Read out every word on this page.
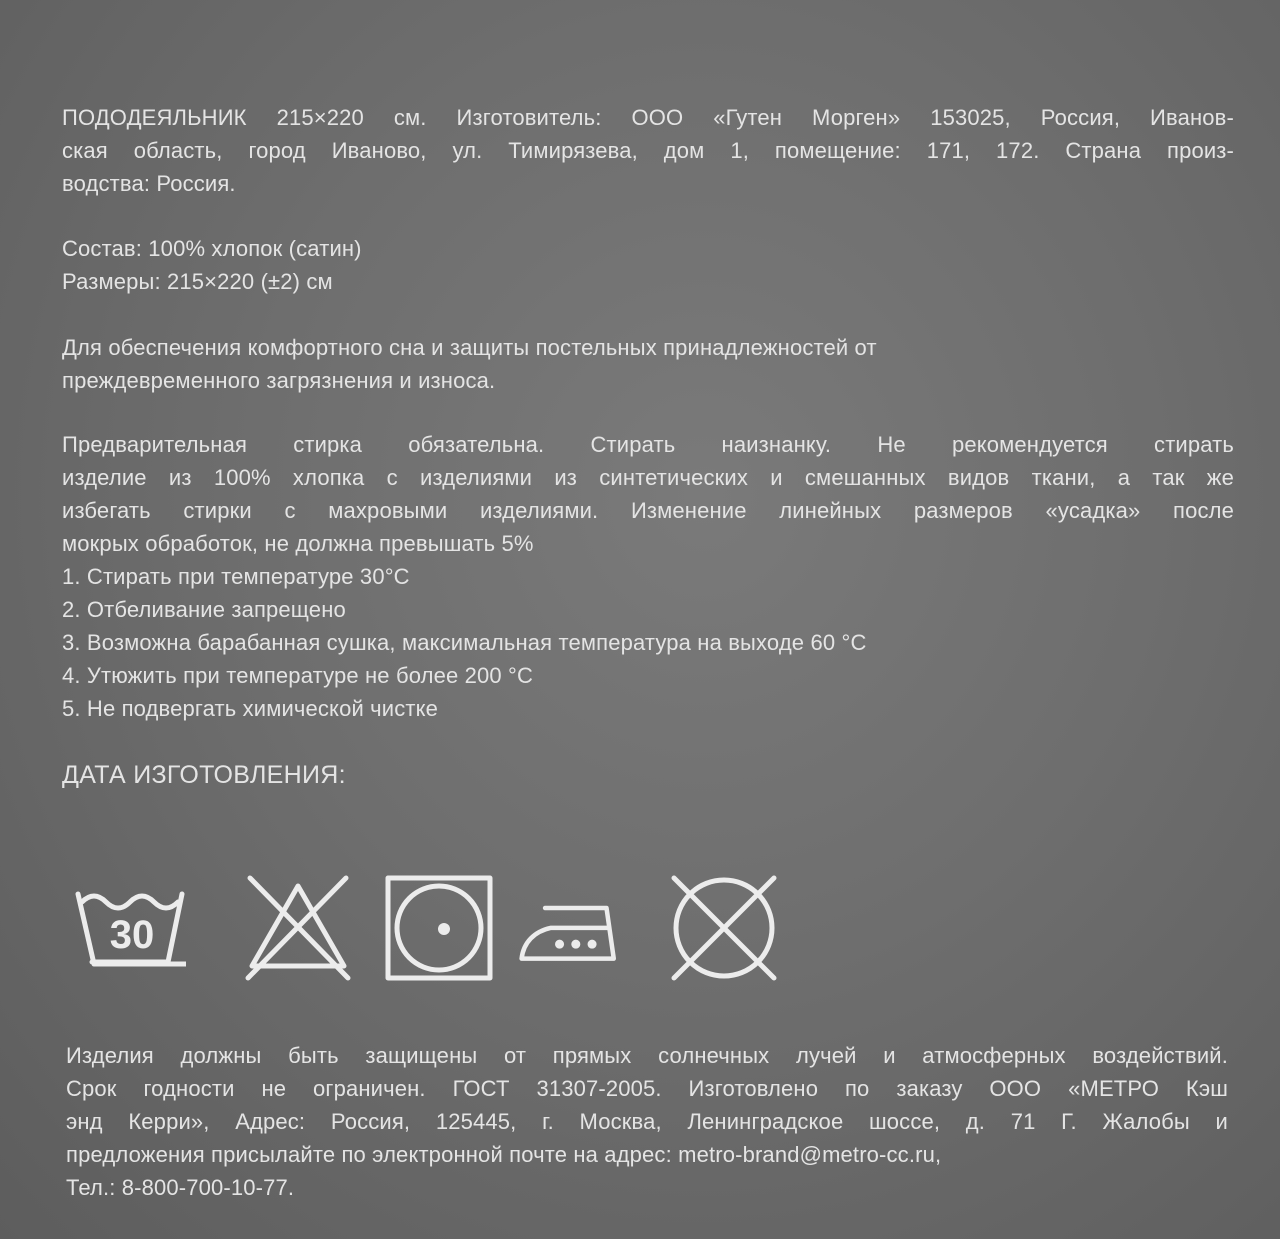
ПОДОДЕЯЛЬНИК 215×220 см. Изготовитель: ООО «Гутен Морген» 153025, Россия, Иванов-
ская область, город Иваново, ул. Тимирязева, дом 1, помещение: 171, 172. Страна произ-
водства: Россия.
Состав: 100% хлопок (сатин)
Размеры: 215×220 (±2) см
Для обеспечения комфортного сна и защиты постельных принадлежностей от
преждевременного загрязнения и износа.
Предварительная стирка обязательна. Стирать наизнанку. Не рекомендуется стирать
изделие из 100% хлопка с изделиями из синтетических и смешанных видов ткани, а так же
избегать стирки с махровыми изделиями. Изменение линейных размеров «усадка» после
мокрых обработок, не должна превышать 5%
1. Стирать при температуре 30°C
2. Отбеливание запрещено
3. Возможна барабанная сушка, максимальная температура на выходе 60 °C
4. Утюжить при температуре не более 200 °C
5. Не подвергать химической чистке
ДАТА ИЗГОТОВЛЕНИЯ:
30
Изделия должны быть защищены от прямых солнечных лучей и атмосферных воздействий.
Срок годности не ограничен. ГОСТ 31307-2005. Изготовлено по заказу ООО «МЕТРО Кэш
энд Керри», Адрес: Россия, 125445, г. Москва, Ленинградское шоссе, д. 71 Г. Жалобы и
предложения присылайте по электронной почте на адрес: metro-brand@metro-cc.ru,
Тел.: 8-800-700-10-77.
